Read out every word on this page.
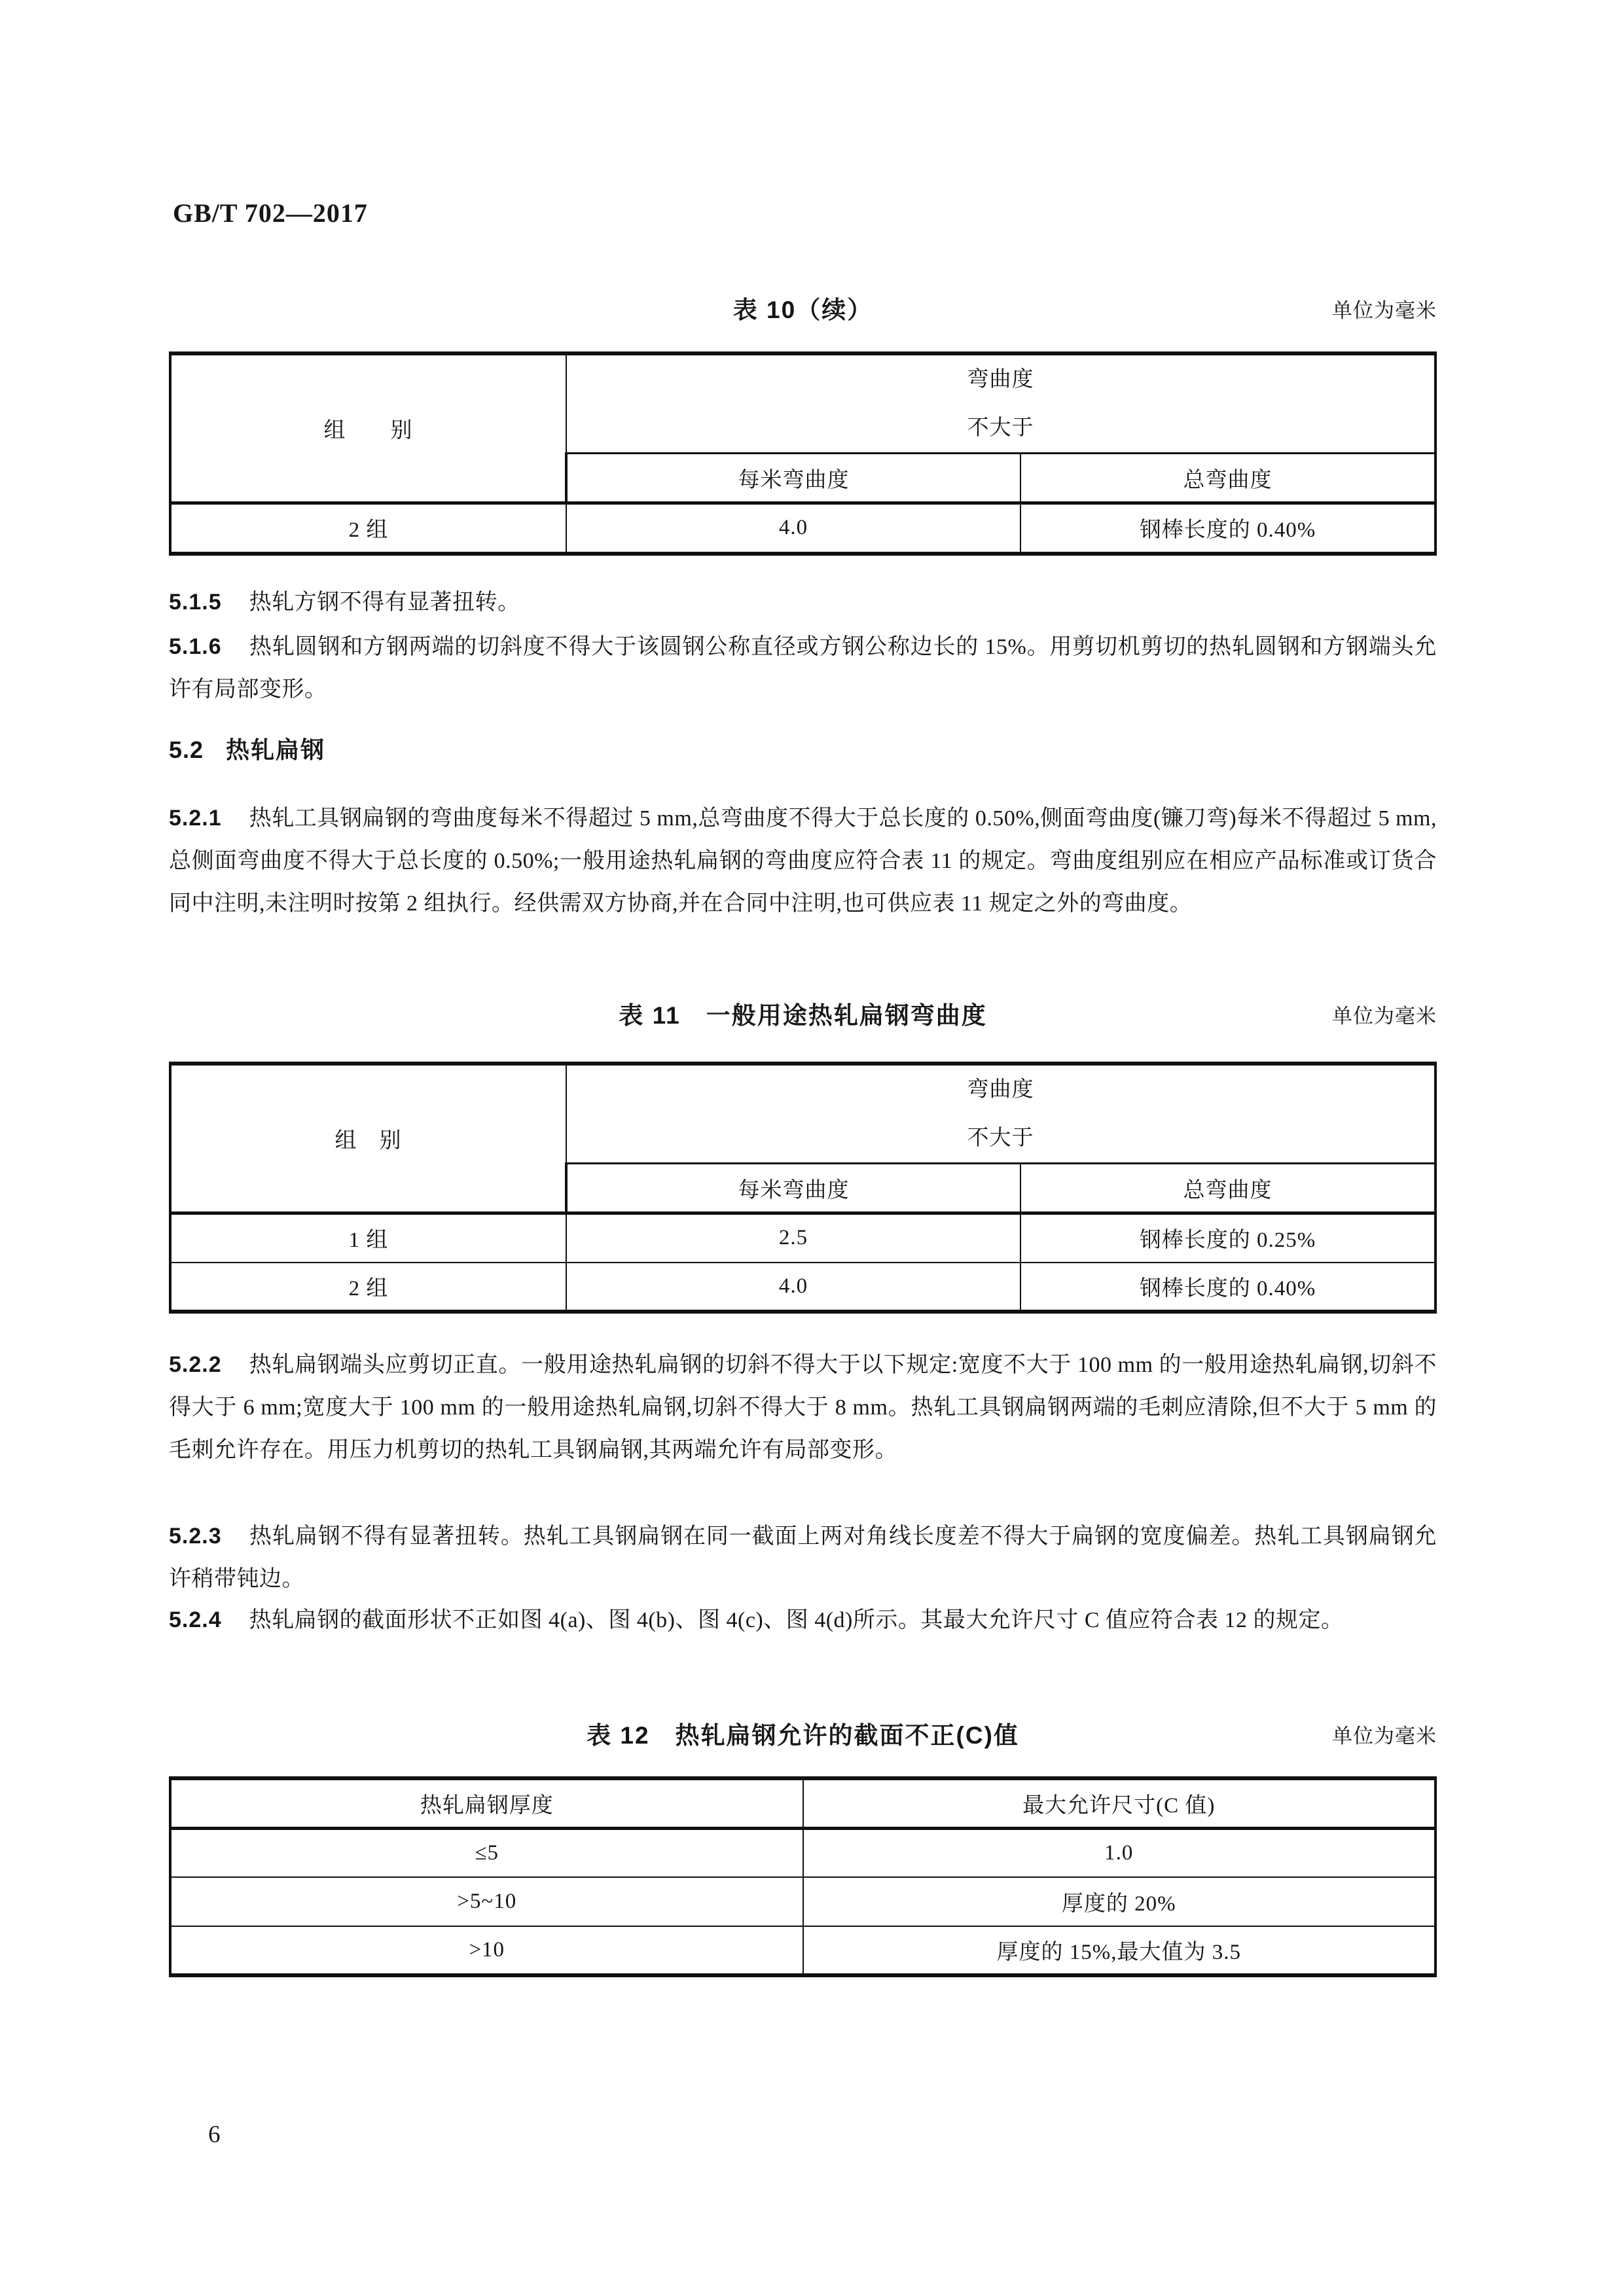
GB/T 702—2017
表 10（续）	单位为毫米
组　　别	弯曲度
不大于	

	每米弯曲度	总弯曲度
2 组	4.0	钢棒长度的 0.40%
5.1.5 热轧方钢不得有显著扭转。
5.1.6 热轧圆钢和方钢两端的切斜度不得大于该圆钢公称直径或方钢公称边长的 15%。用剪切机剪切的热轧圆钢和方钢端头允许有局部变形。
5.2 热轧扁钢
5.2.1 热轧工具钢扁钢的弯曲度每米不得超过 5 mm,总弯曲度不得大于总长度的 0.50%,侧面弯曲度(镰刀弯)每米不得超过 5 mm,总侧面弯曲度不得大于总长度的 0.50%;一般用途热轧扁钢的弯曲度应符合表 11 的规定。弯曲度组别应在相应产品标准或订货合同中注明,未注明时按第 2 组执行。经供需双方协商,并在合同中注明,也可供应表 11 规定之外的弯曲度。
表 11　一般用途热轧扁钢弯曲度	单位为毫米
组　别	弯曲度
不大于	

	每米弯曲度	总弯曲度
1 组	2.5	钢棒长度的 0.25%
2 组	4.0	钢棒长度的 0.40%
5.2.2 热轧扁钢端头应剪切正直。一般用途热轧扁钢的切斜不得大于以下规定:宽度不大于 100 mm 的一般用途热轧扁钢,切斜不得大于 6 mm;宽度大于 100 mm 的一般用途热轧扁钢,切斜不得大于 8 mm。热轧工具钢扁钢两端的毛刺应清除,但不大于 5 mm 的毛刺允许存在。用压力机剪切的热轧工具钢扁钢,其两端允许有局部变形。
5.2.3 热轧扁钢不得有显著扭转。热轧工具钢扁钢在同一截面上两对角线长度差不得大于扁钢的宽度偏差。热轧工具钢扁钢允许稍带钝边。
5.2.4 热轧扁钢的截面形状不正如图 4(a)、图 4(b)、图 4(c)、图 4(d)所示。其最大允许尺寸 C 值应符合表 12 的规定。
表 12　热轧扁钢允许的截面不正(C)值	单位为毫米
热轧扁钢厚度	最大允许尺寸(C 值)
≤5	1.0
>5~10	厚度的 20%
>10	厚度的 15%,最大值为 3.5
6
